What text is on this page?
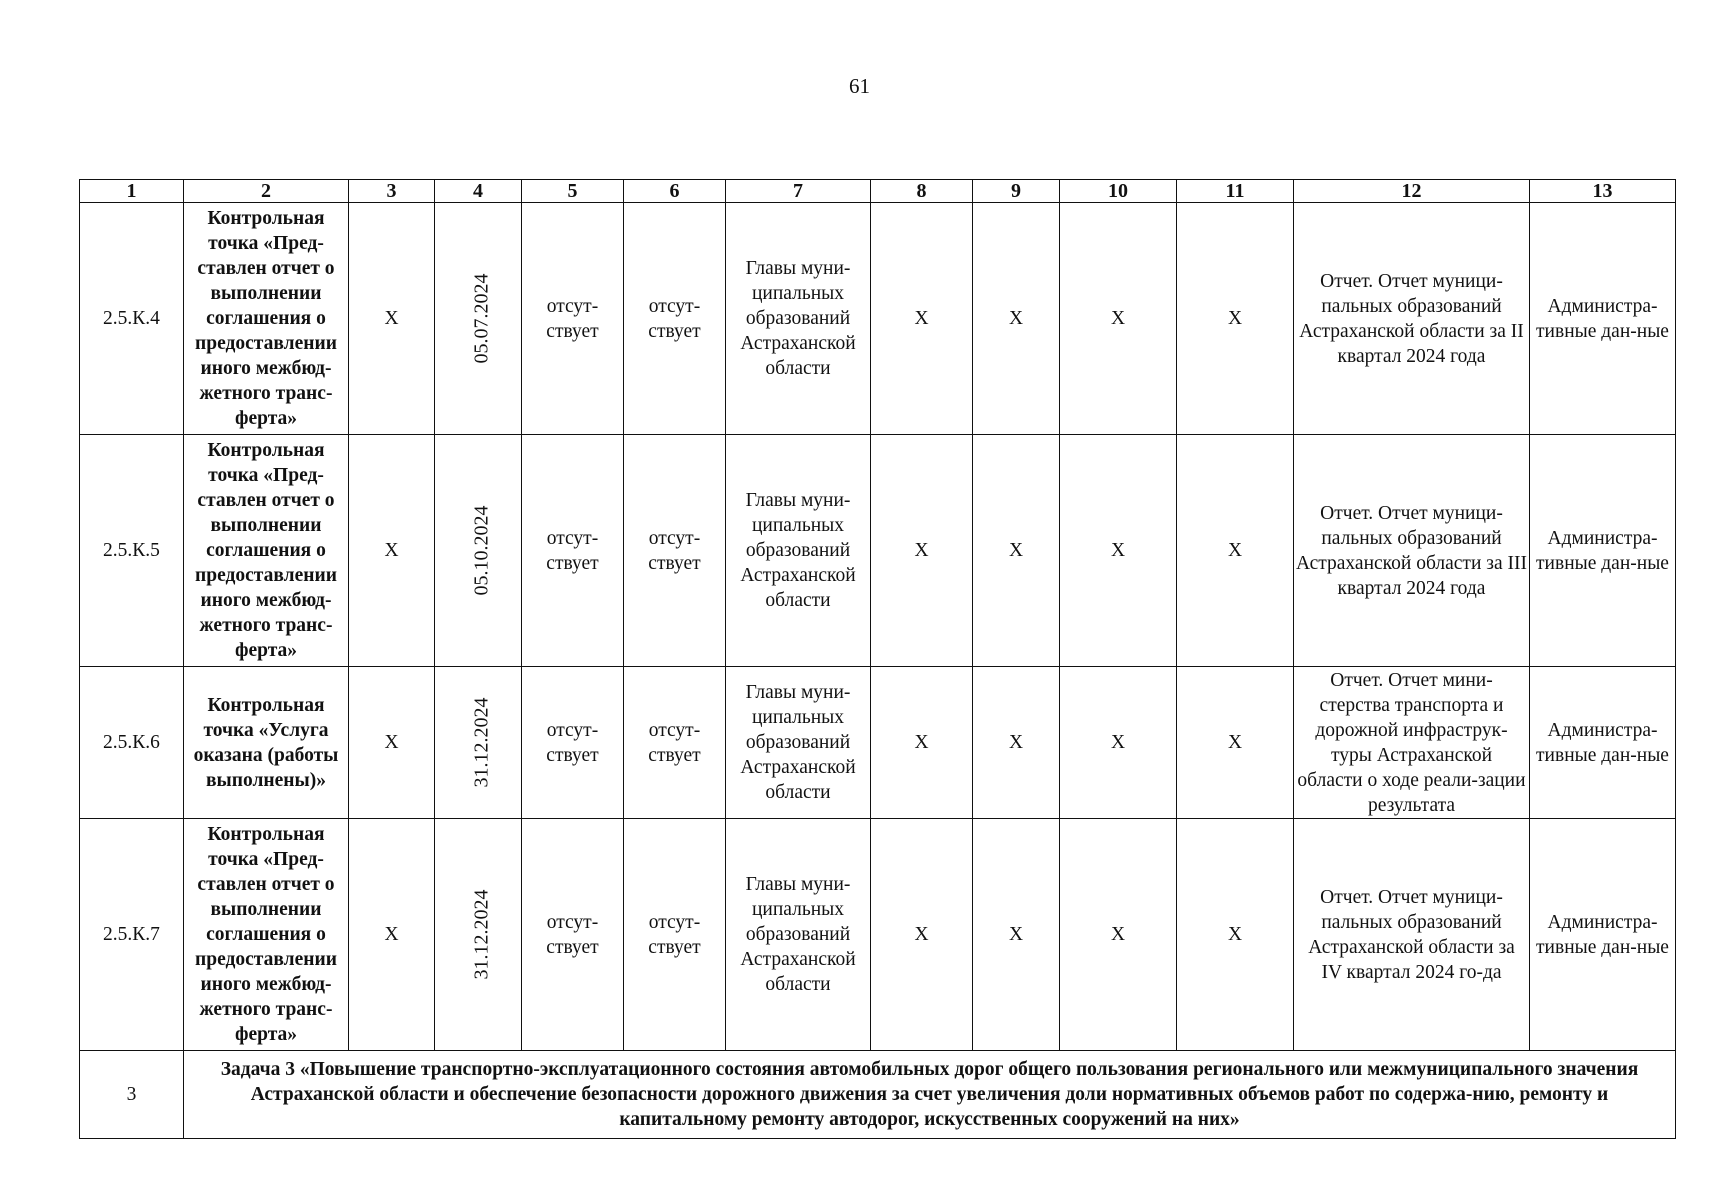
61
1	2	3	4	5	6	7	8	9	10	11	12	13
2.5.К.4	Контрольная точка «Пред-ставлен отчет о выполнении соглашения о предоставлении иного межбюд-жетного транс-ферта»	X	05.07.2024	отсут-ствует	отсут-ствует	Главы муни-ципальных образований Астраханской области	X	X	X	X	Отчет. Отчет муници-пальных образований Астраханской области за II квартал 2024 года	Администра-тивные дан-ные
2.5.К.5	Контрольная точка «Пред-ставлен отчет о выполнении соглашения о предоставлении иного межбюд-жетного транс-ферта»	X	05.10.2024	отсут-ствует	отсут-ствует	Главы муни-ципальных образований Астраханской области	X	X	X	X	Отчет. Отчет муници-пальных образований Астраханской области за III квартал 2024 года	Администра-тивные дан-ные
2.5.К.6	Контрольная точка «Услуга оказана (работы выполнены)»	X	31.12.2024	отсут-ствует	отсут-ствует	Главы муни-ципальных образований Астраханской области	X	X	X	X	Отчет. Отчет мини-стерства транспорта и дорожной инфраструк-туры Астраханской области о ходе реали-зации результата	Администра-тивные дан-ные
2.5.К.7	Контрольная точка «Пред-ставлен отчет о выполнении соглашения о предоставлении иного межбюд-жетного транс-ферта»	X	31.12.2024	отсут-ствует	отсут-ствует	Главы муни-ципальных образований Астраханской области	X	X	X	X	Отчет. Отчет муници-пальных образований Астраханской области за IV квартал 2024 го-да	Администра-тивные дан-ные
3	Задача 3 «Повышение транспортно-эксплуатационного состояния автомобильных дорог общего пользования регионального или межмуниципального значения Астраханской области и обеспечение безопасности дорожного движения за счет увеличения доли нормативных объемов работ по содержа-нию, ремонту и капитальному ремонту автодорог, искусственных сооружений на них»											
